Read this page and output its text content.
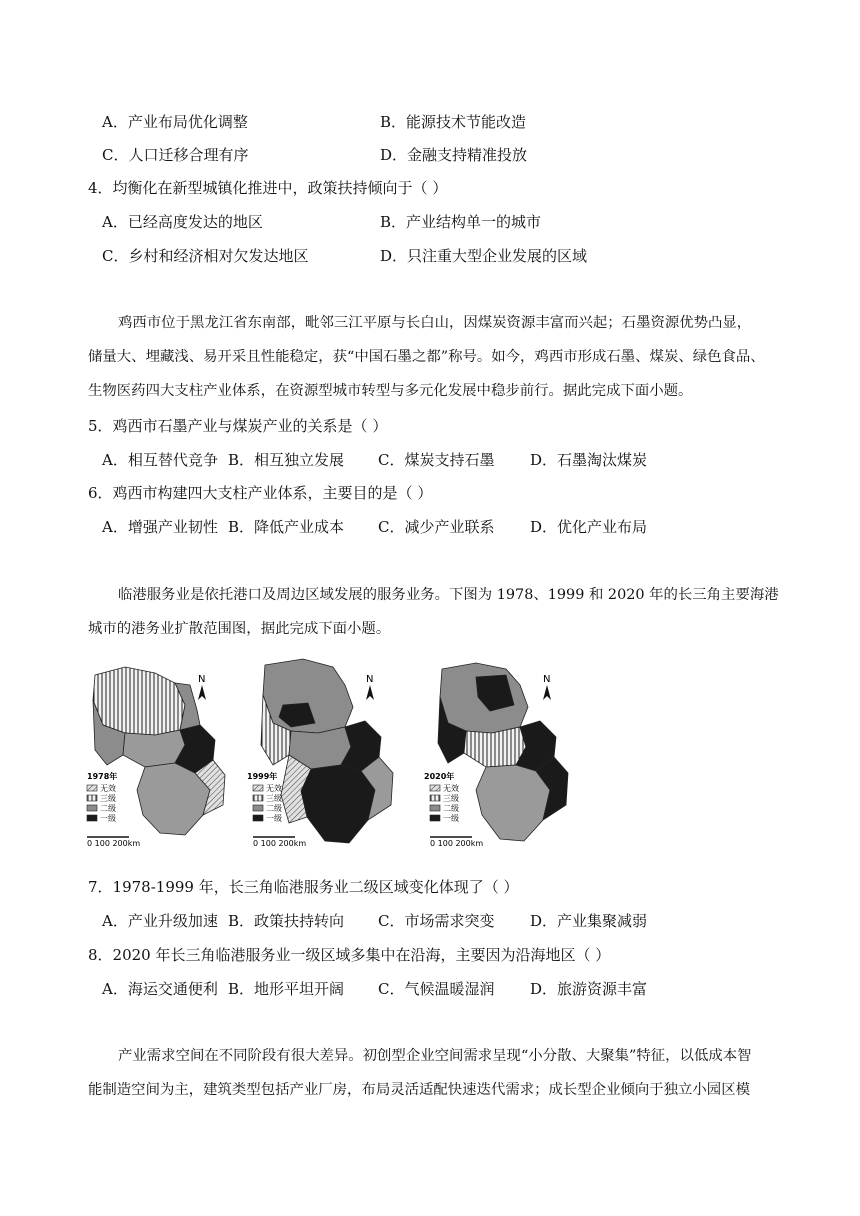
A．产业布局优化调整	B．能源技术节能改造
C．人口迁移合理有序	D．金融支持精准投放
4．均衡化在新型城镇化推进中，政策扶持倾向于（ ）
A．已经高度发达的地区	B．产业结构单一的城市
C．乡村和经济相对欠发达地区	D．只注重大型企业发展的区域
鸡西市位于黑龙江省东南部，毗邻三江平原与长白山，因煤炭资源丰富而兴起；石墨资源优势凸显，
储量大、埋藏浅、易开采且性能稳定，获“中国石墨之都”称号。如今，鸡西市形成石墨、煤炭、绿色食品、
生物医药四大支柱产业体系，在资源型城市转型与多元化发展中稳步前行。据此完成下面小题。
5．鸡西市石墨产业与煤炭产业的关系是（ ）
A．相互替代竞争 B．相互独立发展 C．煤炭支持石墨 D．石墨淘汰煤炭
6．鸡西市构建四大支柱产业体系，主要目的是（ ）
A．增强产业韧性 B．降低产业成本 C．减少产业联系 D．优化产业布局
临港服务业是依托港口及周边区域发展的服务业务。下图为 1978、1999 和 2020 年的长三角主要海港
城市的港务业扩散范围图，据此完成下面小题。
1978年
N
1999年
N
2020年
N
无效
三级
二级
一级
0 100 200km
无效
三级
二级
一级
0 100 200km
无效
三级
二级
一级
0 100 200km
7．1978-1999 年，长三角临港服务业二级区域变化体现了（ ）
A．产业升级加速 B．政策扶持转向 C．市场需求突变 D．产业集聚减弱
8．2020 年长三角临港服务业一级区域多集中在沿海，主要因为沿海地区（ ）
A．海运交通便利 B．地形平坦开阔 C．气候温暖湿润 D．旅游资源丰富
产业需求空间在不同阶段有很大差异。初创型企业空间需求呈现“小分散、大聚集”特征，以低成本智
能制造空间为主，建筑类型包括产业厂房，布局灵活适配快速迭代需求；成长型企业倾向于独立小园区模
